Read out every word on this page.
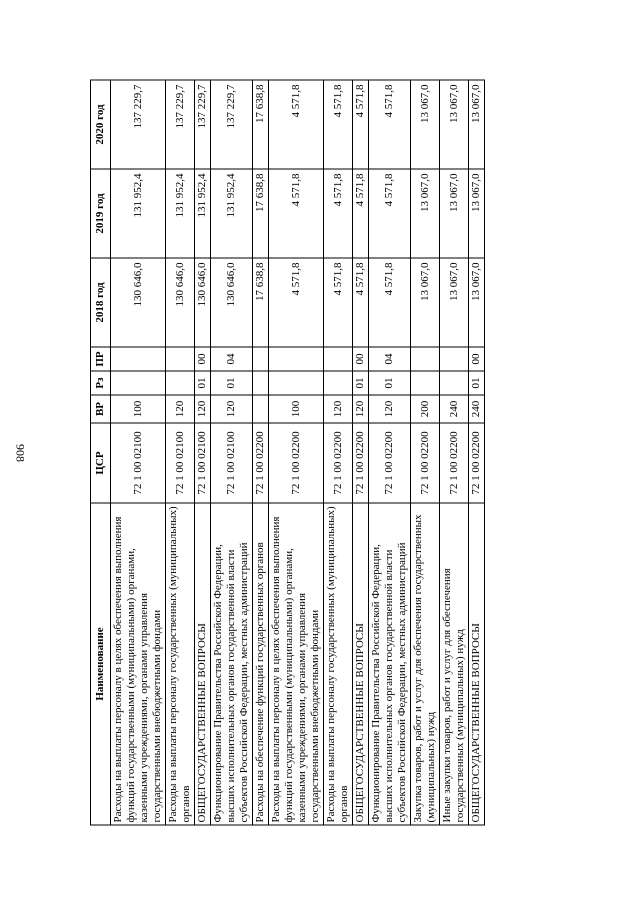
908
Наименование	ЦСР	ВР	Рз	ПР	2018 год	2019 год	2020 год
Расходы на выплаты персоналу в целях обеспечения выполнения функций государственными (муниципальными) органами, казенными учреждениями, органами управления государственными внебюджетными фондами	72 1 00 02100	100			130 646,0	131 952,4	137 229,7
Расходы на выплаты персоналу государственных (муниципальных) органов	72 1 00 02100	120			130 646,0	131 952,4	137 229,7
ОБЩЕГОСУДАРСТВЕННЫЕ ВОПРОСЫ	72 1 00 02100	120	01	00	130 646,0	131 952,4	137 229,7
Функционирование Правительства Российской Федерации, высших исполнительных органов государственной власти субъектов Российской Федерации, местных администраций	72 1 00 02100	120	01	04	130 646,0	131 952,4	137 229,7
Расходы на обеспечение функций государственных органов	72 1 00 02200				17 638,8	17 638,8	17 638,8
Расходы на выплаты персоналу в целях обеспечения выполнения функций государственными (муниципальными) органами, казенными учреждениями, органами управления государственными внебюджетными фондами	72 1 00 02200	100			4 571,8	4 571,8	4 571,8
Расходы на выплаты персоналу государственных (муниципальных) органов	72 1 00 02200	120			4 571,8	4 571,8	4 571,8
ОБЩЕГОСУДАРСТВЕННЫЕ ВОПРОСЫ	72 1 00 02200	120	01	00	4 571,8	4 571,8	4 571,8
Функционирование Правительства Российской Федерации, высших исполнительных органов государственной власти субъектов Российской Федерации, местных администраций	72 1 00 02200	120	01	04	4 571,8	4 571,8	4 571,8
Закупка товаров, работ и услуг для обеспечения государственных (муниципальных) нужд	72 1 00 02200	200			13 067,0	13 067,0	13 067,0
Иные закупки товаров, работ и услуг для обеспечения государственных (муниципальных) нужд	72 1 00 02200	240			13 067,0	13 067,0	13 067,0
ОБЩЕГОСУДАРСТВЕННЫЕ ВОПРОСЫ	72 1 00 02200	240	01	00	13 067,0	13 067,0	13 067,0
